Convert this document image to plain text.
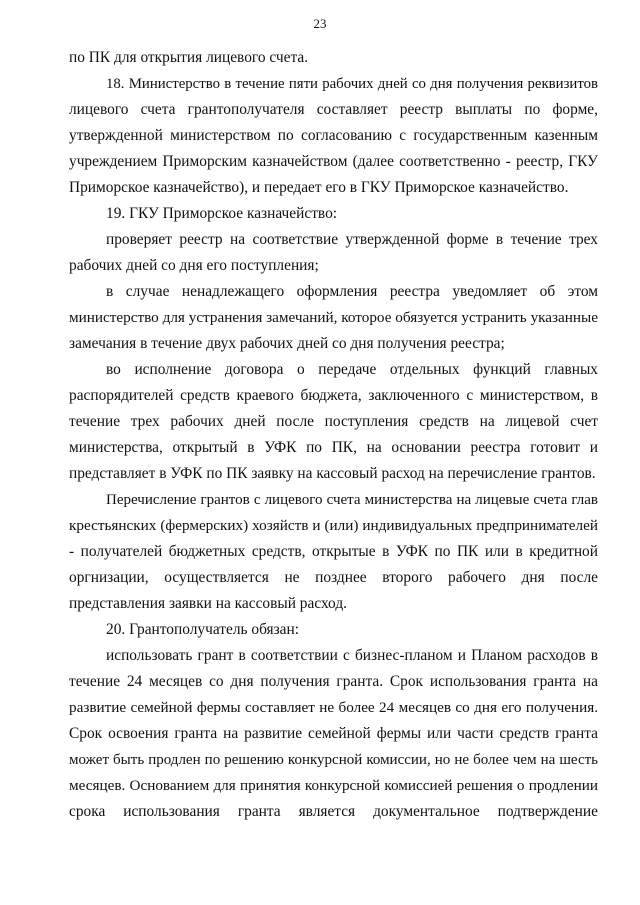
23
по ПК для открытия лицевого счета.
18. Министерство в течение пяти рабочих дней со дня получения реквизитов
лицевого счета грантополучателя составляет реестр выплаты по форме,
утвержденной министерством по согласованию с государственным казенным
учреждением Приморским казначейством (далее соответственно - реестр, ГКУ
Приморское казначейство), и передает его в ГКУ Приморское казначейство.
19. ГКУ Приморское казначейство:
проверяет реестр на соответствие утвержденной форме в течение трех
рабочих дней со дня его поступления;
в случае ненадлежащего оформления реестра уведомляет об этом
министерство для устранения замечаний, которое обязуется устранить указанные
замечания в течение двух рабочих дней со дня получения реестра;
во исполнение договора о передаче отдельных функций главных
распорядителей средств краевого бюджета, заключенного с министерством, в
течение трех рабочих дней после поступления средств на лицевой счет
министерства, открытый в УФК по ПК, на основании реестра готовит и
представляет в УФК по ПК заявку на кассовый расход на перечисление грантов.
Перечисление грантов с лицевого счета министерства на лицевые счета глав
крестьянских (фермерских) хозяйств и (или) индивидуальных предпринимателей
- получателей бюджетных средств, открытые в УФК по ПК или в кредитной
оргнизации, осуществляется не позднее второго рабочего дня после
представления заявки на кассовый расход.
20. Грантополучатель обязан:
использовать грант в соответствии с бизнес-планом и Планом расходов в
течение 24 месяцев со дня получения гранта. Срок использования гранта на
развитие семейной фермы составляет не более 24 месяцев со дня его получения.
Срок освоения гранта на развитие семейной фермы или части средств гранта
может быть продлен по решению конкурсной комиссии, но не более чем на шесть
месяцев. Основанием для принятия конкурсной комиссией решения о продлении
срока использования гранта является документальное подтверждение
